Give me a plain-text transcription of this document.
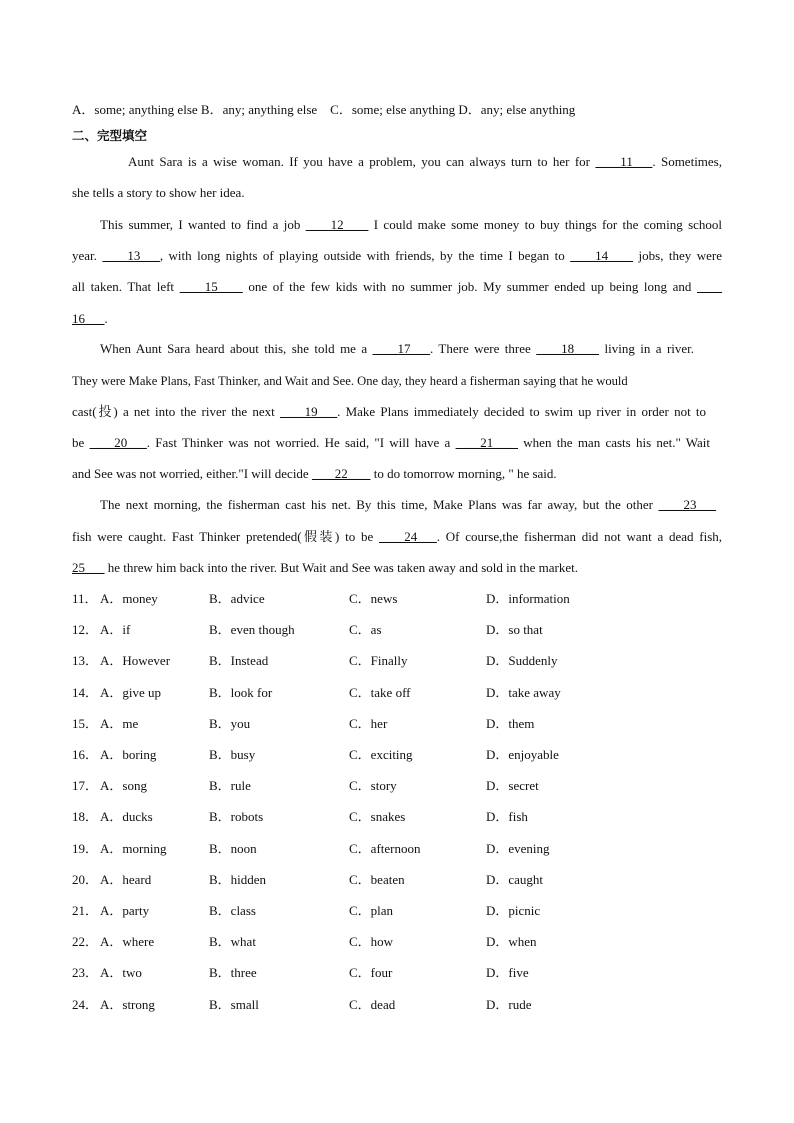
A．some; anything else B．any; anything else　C．some; else anything D．any; else anything
二、完型填空
Aunt Sara is a wise woman. If you have a problem, you can always turn to her for  ___11___. Sometimes,
she tells a story to show her idea.
This summer, I wanted to find a job  ___12___  I could make some money to buy things for the coming school
year.  ___13___, with long nights of playing outside with friends, by the time I began to  ___14___  jobs, they were
all taken. That left  ___15___  one of the few kids with no summer job. My summer ended up being long and  ___
16___.
When Aunt Sara heard about this, she told me a  ___17___. There were three  ___18___  living in a river.
They were Make Plans, Fast Thinker, and Wait and See. One day, they heard a fisherman saying that he would
cast(投) a net into the river the next  ___19___. Make Plans immediately decided to swim up river in order not to
be  ___20___. Fast Thinker was not worried. He said, "I will have a  ___21___  when the man casts his net." Wait
and See was not worried, either."I will decide  ___22___  to do tomorrow morning, " he said.
The next morning, the fisherman cast his net. By this time, Make Plans was far away, but the other  ___23___
fish were caught. Fast Thinker pretended(假装) to be  ___24___. Of course,the fisherman did not want a dead fish,
25___ he threw him back into the river. But Wait and See was taken away and sold in the market.
11． A．money	B．advice	C．news	D．information
12． A．if	B．even though	C．as	D．so that
13． A．However	B．Instead	C．Finally	D．Suddenly
14． A．give up	B．look for	C．take off	D．take away
15． A．me	B．you	C．her	D．them
16． A．boring	B．busy	C．exciting	D．enjoyable
17． A．song	B．rule	C．story	D．secret
18． A．ducks	B．robots	C．snakes	D．fish
19． A．morning	B．noon	C．afternoon	D．evening
20． A．heard	B．hidden	C．beaten	D．caught
21． A．party	B．class	C．plan	D．picnic
22． A．where	B．what	C．how	D．when
23． A．two	B．three	C．four	D．five
24． A．strong	B．small	C．dead	D．rude
